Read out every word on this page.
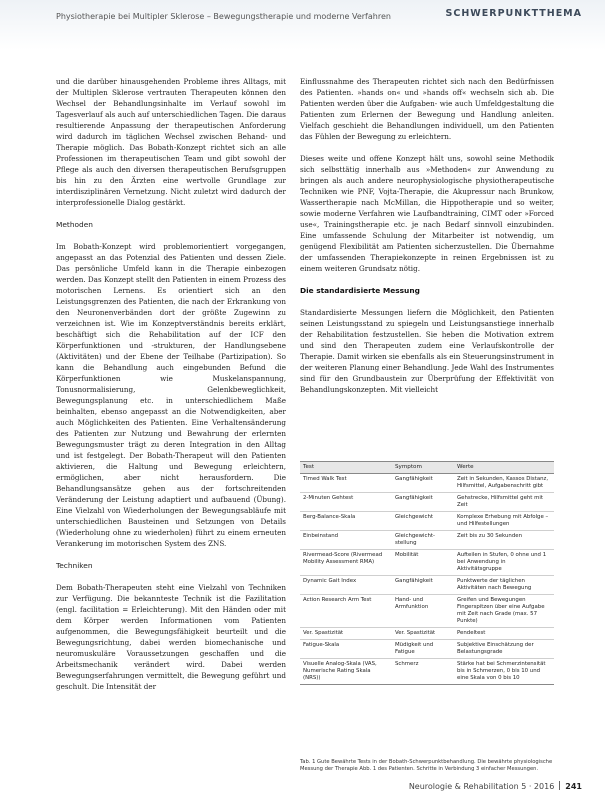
Physiotherapie bei Multipler Sklerose – Bewegungstherapie und moderne Verfahren	SCHWERPUNKTTHEMA

und die darüber hinausgehenden Probleme ihres Alltags, mit der Multiplen Sklerose vertrauten Therapeuten können den Wechsel der Behandlungsinhalte im Verlauf sowohl im Tagesverlauf als auch auf unterschiedlichen Tagen. Die daraus resultierende Anpassung der therapeutischen Anforderung wird dadurch im täglichen Wechsel zwischen Behand- und Therapie möglich. Das Bobath-Konzept richtet sich an alle Professionen im therapeutischen Team und gibt sowohl der Pflege als auch den diversen therapeutischen Berufsgruppen bis hin zu den Ärzten eine wertvolle Grundlage zur interdisziplinären Vernetzung. Nicht zuletzt wird dadurch der interprofessionelle Dialog gestärkt.

Methoden

Im Bobath-Konzept wird problemorientiert vorgegangen, angepasst an das Potenzial des Patienten und dessen Ziele. Das persönliche Umfeld kann in die Therapie einbezogen werden. Das Konzept stellt den Patienten in einem Prozess des motorischen Lernens. Es orientiert sich an den Leistungsgrenzen des Patienten, die nach der Erkrankung von den Neuronenverbänden dort der größte Zugewinn zu verzeichnen ist. Wie im Konzeptverständnis bereits erklärt, beschäftigt sich die Rehabilitation auf der ICF den Körperfunktionen und -strukturen, der Handlungsebene (Aktivitäten) und der Ebene der Teilhabe (Partizipation). So kann die Behandlung auch eingebunden Befund die Körperfunktionen wie Muskelanspannung, Tonusnormalisierung, Gelenkbeweglichkeit, Bewegungsplanung etc. in unterschiedlichem Maße beinhalten, ebenso angepasst an die Notwendigkeiten, aber auch Möglichkeiten des Patienten. Eine Verhaltensänderung des Patienten zur Nutzung und Bewahrung der erlernten Bewegungsmuster trägt zu deren Integration in den Alltag und ist festgelegt. Der Bobath-Therapeut will den Patienten aktivieren, die Haltung und Bewegung erleichtern, ermöglichen, aber nicht herausfordern. Die Behandlungsansätze gehen aus der fortschreitenden Veränderung der Leistung adaptiert und aufbauend (Übung). Eine Vielzahl von Wiederholungen der Bewegungsabläufe mit unterschiedlichen Bausteinen und Setzungen von Details (Wiederholung ohne zu wiederholen) führt zu einem erneuten Verankerung im motorischen System des ZNS.

Techniken

Dem Bobath-Therapeuten steht eine Vielzahl von Techniken zur Verfügung. Die bekannteste Technik ist die Fazilitation (engl. facilitation = Erleichterung). Mit den Händen oder mit dem Körper werden Informationen vom Patienten aufgenommen, die Bewegungsfähigkeit beurteilt und die Bewegungsrichtung, dabei werden biomechanische und neuromuskuläre Voraussetzungen geschaffen und die Arbeitsmechanik verändert wird. Dabei werden Bewegungserfahrungen vermittelt, die Bewegung geführt und geschult. Die Intensität der

Einflussnahme des Therapeuten richtet sich nach den Bedürfnissen des Patienten. »hands on« und »hands off« wechseln sich ab. Die Patienten werden über die Aufgaben- wie auch Umfeldgestaltung die Patienten zum Erlernen der Bewegung und Handlung anleiten. Vielfach geschieht die Behandlungen individuell, um den Patienten das Fühlen der Bewegung zu erleichtern.

Dieses weite und offene Konzept hält uns, sowohl seine Methodik sich selbsttätig innerhalb aus »Methoden« zur Anwendung zu bringen als auch andere neurophysiologische physiotherapeutische Techniken wie PNF, Vojta-Therapie, die Akupressur nach Brunkow, Wassertherapie nach McMillan, die Hippotherapie und so weiter, sowie moderne Verfahren wie Laufbandtraining, CIMT oder »Forced use«, Trainingstherapie etc. je nach Bedarf sinnvoll einzubinden. Eine umfassende Schulung der Mitarbeiter ist notwendig, um genügend Flexibilität am Patienten sicherzustellen. Die Übernahme der umfassenden Therapiekonzepte in reinen Ergebnissen ist zu einem weiteren Grundsatz nötig.

Die standardisierte Messung

Standardisierte Messungen liefern die Möglichkeit, den Patienten seinen Leistungsstand zu spiegeln und Leistungsanstiege innerhalb der Rehabilitation festzustellen. Sie heben die Motivation extrem und sind den Therapeuten zudem eine Verlaufskontrolle der Therapie. Damit wirken sie ebenfalls als ein Steuerungsinstrument in der weiteren Planung einer Behandlung. Jede Wahl des Instrumentes sind für den Grundbaustein zur Überprüfung der Effektivität von Behandlungskonzepten. Mit vielleicht

Test	Symptom	Werte
Timed Walk Test	Gangfähigkeit	Zeit in Sekunden, Kassos Distanz, Hilfsmittel, Aufgabenschritt gibt
2-Minuten Gehtest	Gangfähigkeit	Gehstrecke, Hilfsmittel geht mit Zeit
Berg-Balance-Skala	Gleichgewicht	Komplexe Erhebung mit Abfolge – und Hilfestellungen
Einbeinstand	Gleichgewicht-stellung	Zeit bis zu 30 Sekunden
Rivermead-Score (Rivermead Mobility Assessment RMA)	Mobilität	Aufteilen in Stufen, 0 ohne und 1 bei Anwendung in Aktivitätsgruppe
Dynamic Gait Index	Gangfähigkeit	Punktwerte der täglichen Aktivitäten nach Bewegung
Action Research Arm Test	Hand- und Armfunktion	Greifen und Bewegungen Fingerspitzen über eine Aufgabe mit Zeit nach Grade (max. 57 Punkte)
Ver. Spastizität	Ver. Spastizität	Pendeltest
Fatigue-Skala	Müdigkeit und Fatigue	Subjektive Einschätzung der Belastungsgrade
Visuelle Analog-Skala (VAS, Numerische Rating Skala (NRS))	Schmerz	Stärke hat bei Schmerzintensität bis in Schmerzen, 0 bis 10 und eine Skala von 0 bis 10
Tab. 1 Gute Bewährte Tests in der Bobath-Schwerpunktbehandlung. Die bewährte physiologische Messung der Therapie Abb. 1 des Patienten. Schritte in Verbindung 3 einfacher Messungen.
Neurologie & Rehabilitation 5 · 2016 241
